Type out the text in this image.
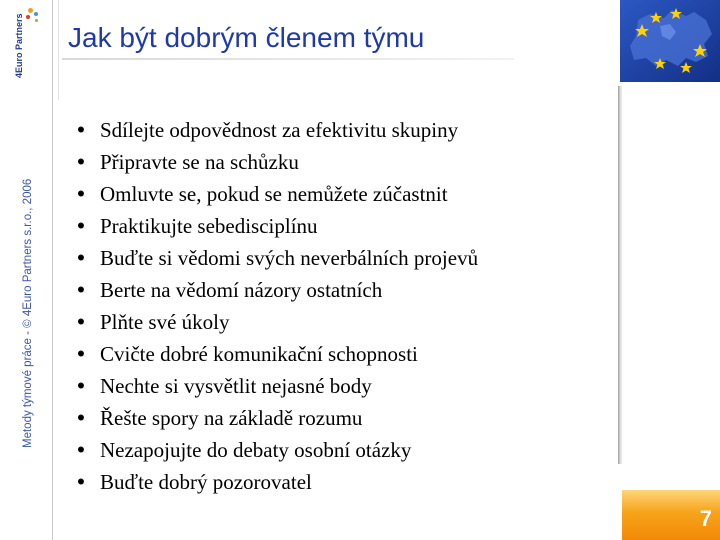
4Euro Partners
Metody týmové práce - © 4Euro Partners s.r.o., 2006
Jak být dobrým členem týmu
• Sdílejte odpovědnost za efektivitu skupiny
• Připravte se na schůzku
• Omluvte se, pokud se nemůžete zúčastnit
• Praktikujte sebedisciplínu
• Buďte si vědomi svých neverbálních projevů
• Berte na vědomí názory ostatních
• Plňte své úkoly
• Cvičte dobré komunikační schopnosti
• Nechte si vysvětlit nejasné body
• Řešte spory na základě rozumu
• Nezapojujte do debaty osobní otázky
• Buďte dobrý pozorovatel
7
